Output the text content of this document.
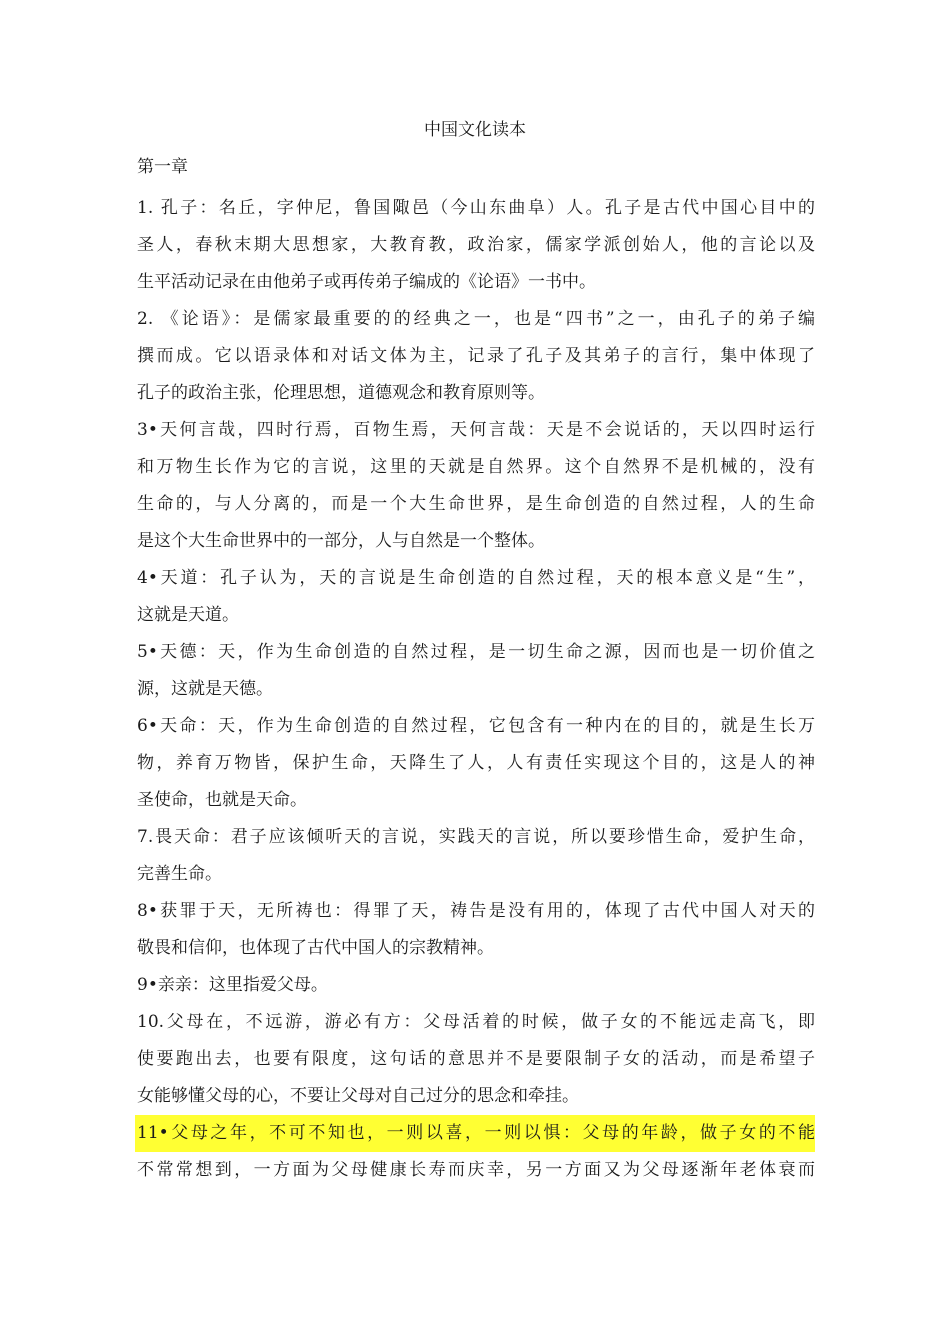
中国文化读本
第一章
1. 孔子：名丘，字仲尼，鲁国陬邑（今山东曲阜）人。孔子是古代中国心目中的
圣人，春秋末期大思想家，大教育教，政治家，儒家学派创始人，他的言论以及
生平活动记录在由他弟子或再传弟子编成的《论语》一书中。
2. 《论语》：是儒家最重要的的经典之一，也是“四书”之一，由孔子的弟子编
撰而成。它以语录体和对话文体为主，记录了孔子及其弟子的言行，集中体现了
孔子的政治主张，伦理思想，道德观念和教育原则等。
3•天何言哉，四时行焉，百物生焉，天何言哉：天是不会说话的，天以四时运行
和万物生长作为它的言说，这里的天就是自然界。这个自然界不是机械的，没有
生命的，与人分离的，而是一个大生命世界，是生命创造的自然过程，人的生命
是这个大生命世界中的一部分，人与自然是一个整体。
4•天道：孔子认为，天的言说是生命创造的自然过程，天的根本意义是“生”，
这就是天道。
5•天德：天，作为生命创造的自然过程，是一切生命之源，因而也是一切价值之
源，这就是天德。
6•天命：天，作为生命创造的自然过程，它包含有一种内在的目的，就是生长万
物，养育万物皆，保护生命，天降生了人，人有责任实现这个目的，这是人的神
圣使命，也就是天命。
7.畏天命：君子应该倾听天的言说，实践天的言说，所以要珍惜生命，爱护生命，
完善生命。
8•获罪于天，无所祷也：得罪了天，祷告是没有用的，体现了古代中国人对天的
敬畏和信仰，也体现了古代中国人的宗教精神。
9•亲亲：这里指爱父母。
10.父母在，不远游，游必有方：父母活着的时候，做子女的不能远走高飞，即
使要跑出去，也要有限度，这句话的意思并不是要限制子女的活动，而是希望子
女能够懂父母的心，不要让父母对自己过分的思念和牵挂。
11•父母之年，不可不知也，一则以喜，一则以惧：父母的年龄，做子女的不能
不常常想到，一方面为父母健康长寿而庆幸，另一方面又为父母逐渐年老体衰而
